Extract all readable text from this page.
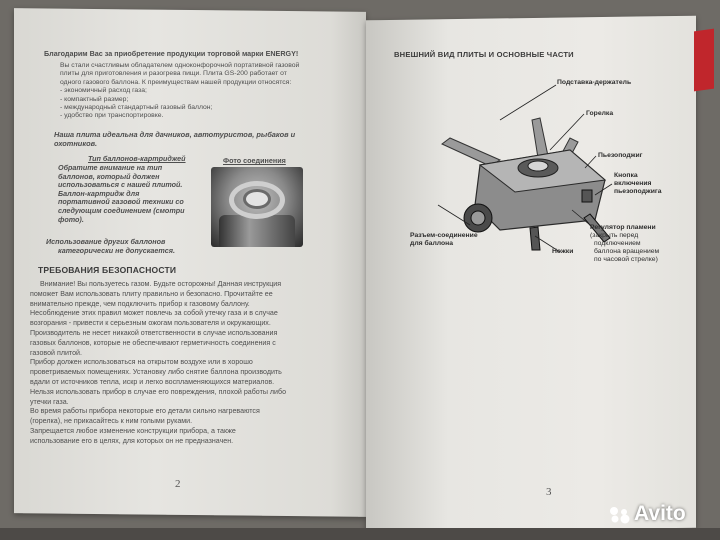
Благодарим Вас за приобретение продукции торговой марки ENERGY!
Вы стали счастливым обладателем одноконфорочной портативной газовой
плиты для приготовления и разогрева пищи. Плита GS-200 работает от
одного газового баллона. К преимуществам нашей продукции относятся:
- экономичный расход газа;
- компактный размер;
- международный стандартный газовый баллон;
- удобство при транспортировке.
Наша плита идеальна для дачников, автотуристов, рыбаков и
охотников.
Тип баллонов-картриджей
Обратите внимание на тип
баллонов, который должен
использоваться с нашей плитой.
Баллон-картридж для
портативной газовой техники со
следующим соединением (смотри
фото).
Фото соединения
Использование других баллонов
категорически не допускается.
ТРЕБОВАНИЯ БЕЗОПАСНОСТИ
Внимание! Вы пользуетесь газом. Будьте осторожны! Данная инструкция
поможет Вам использовать плиту правильно и безопасно. Прочитайте ее
внимательно прежде, чем подключить прибор к газовому баллону.
Несоблюдение этих правил может повлечь за собой утечку газа и в случае
возгорания - привести к серьезным ожогам пользователя и окружающих.
Производитель не несет никакой ответственности в случае использования
газовых баллонов, которые не обеспечивают герметичность соединения с
газовой плитой.
Прибор должен использоваться на открытом воздухе или в хорошо
проветриваемых помещениях. Установку либо снятие баллона производить
вдали от источников тепла, искр и легко воспламеняющихся материалов.
Нельзя использовать прибор в случае его повреждения, плохой работы либо
утечки газа.
Во время работы прибора некоторые его детали сильно нагреваются
(горелка), не прикасайтесь к ним голыми руками.
Запрещается любое изменение конструкции прибора, а также
использование его в целях, для которых он не предназначен.
2
ВНЕШНИЙ ВИД ПЛИТЫ И ОСНОВНЫЕ ЧАСТИ
Подставка-держатель
Горелка
Пьезоподжиг
Кнопка
включения
пьезоподжига
Разъем-соединение
для баллона
Ножки
Регулятор пламени
(закрыть перед
подключением
баллона вращением
по часовой стрелке)
3
Avito
